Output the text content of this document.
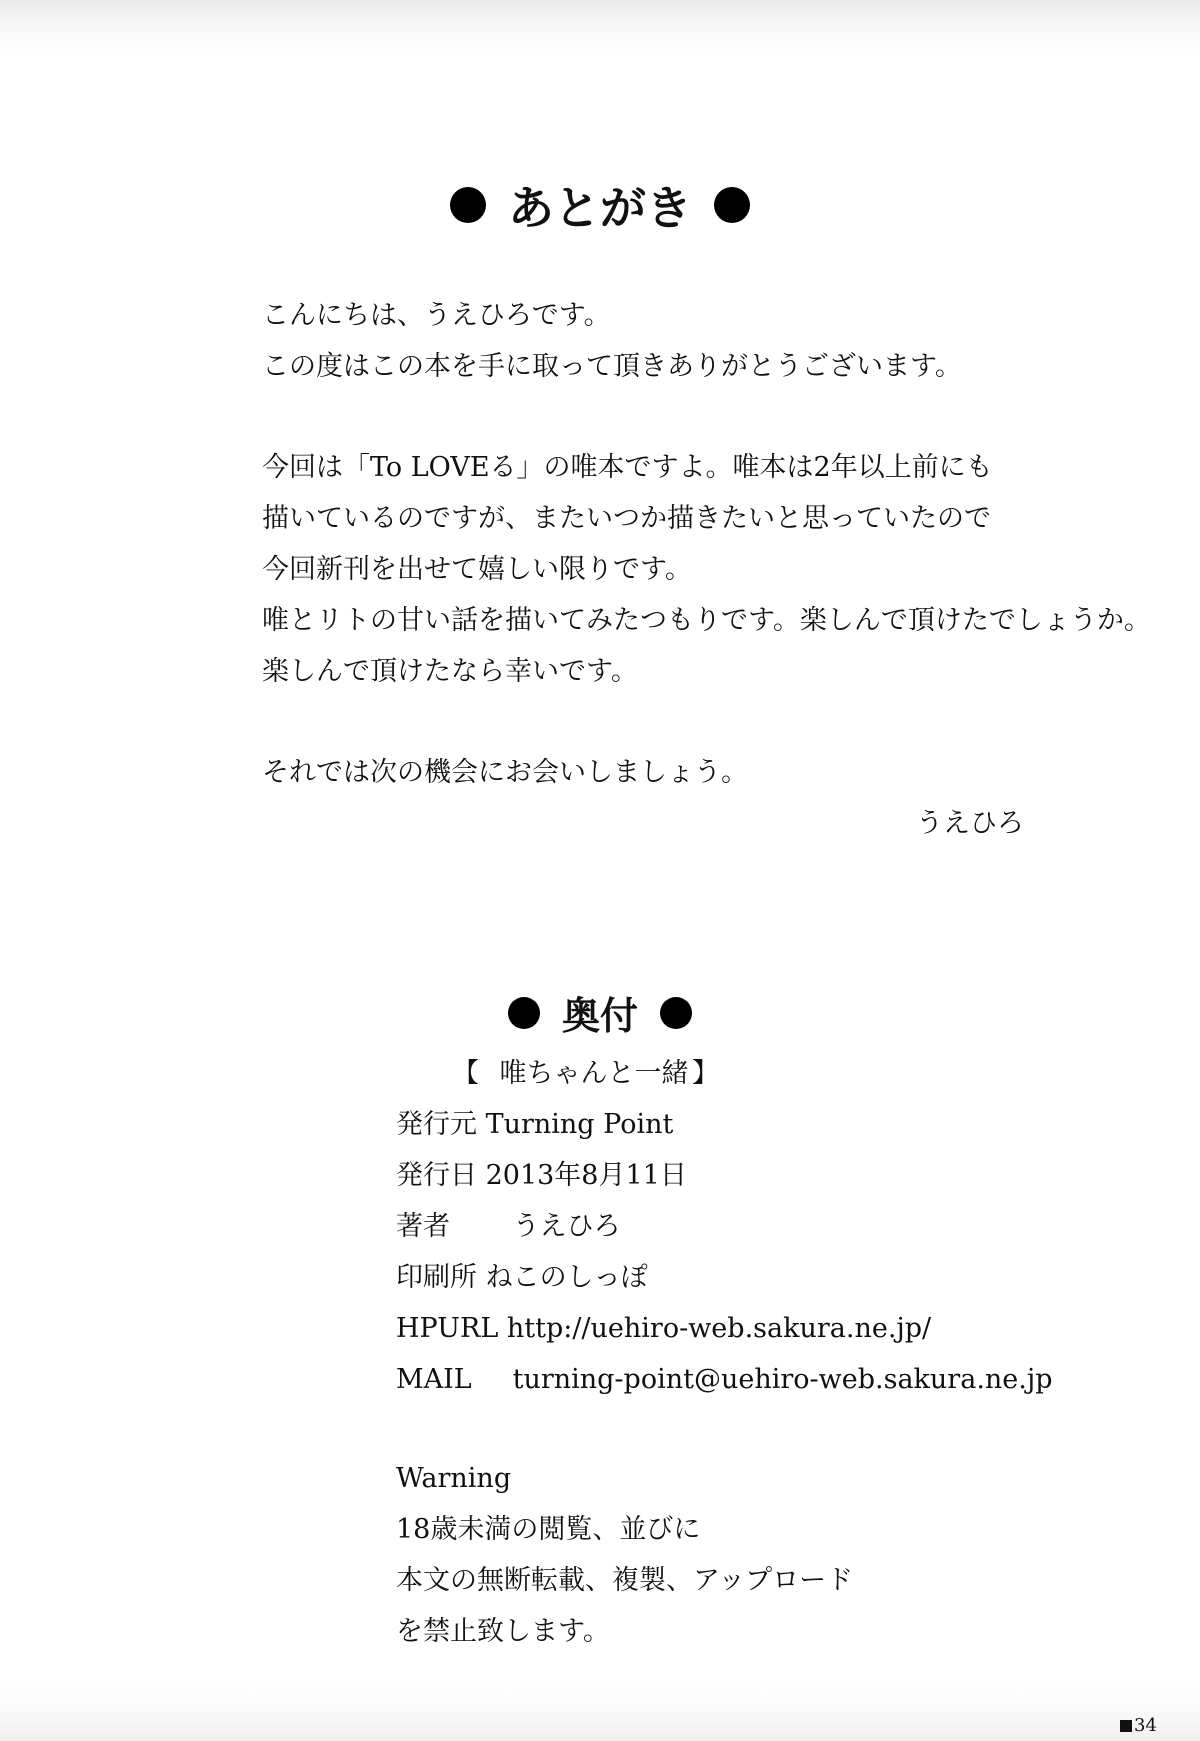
あとがき

こんにちは、うえひろです。

この度はこの本を手に取って頂きありがとうございます。

今回は「To LOVEる」の唯本ですよ。唯本は2年以上前にも

描いているのですが、またいつか描きたいと思っていたので

今回新刊を出せて嬉しい限りです。

唯とリトの甘い話を描いてみたつもりです。楽しんで頂けたでしょうか。

楽しんで頂けたなら幸いです。

それでは次の機会にお会いしましょう。

うえひろ

奥付

【 唯ちゃんと一緒 】

発行元 Turning Point

発行日 2013年8月11日

著者 うえひろ

印刷所 ねこのしっぽ

HPURL http://uehiro-web.sakura.ne.jp/

MAIL turning-point@uehiro-web.sakura.ne.jp

Warning

18歳未満の閲覧、並びに

本文の無断転載、複製、アップロード

を禁止致します。

34
